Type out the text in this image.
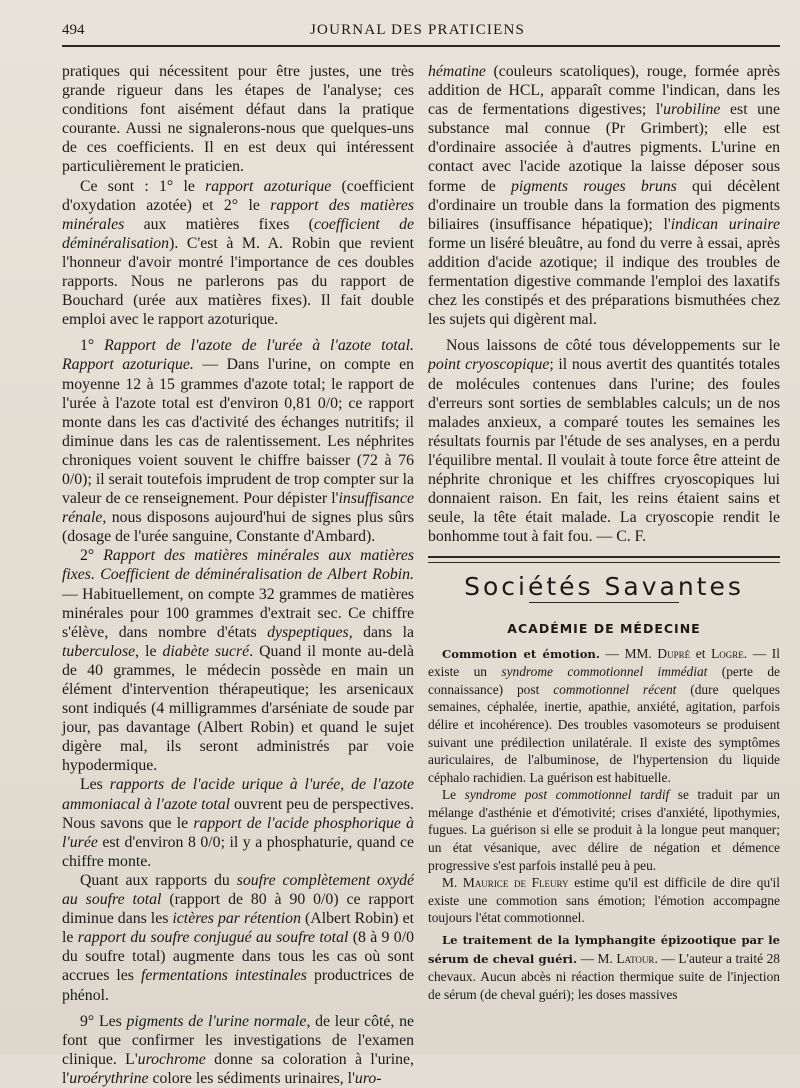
494	JOURNAL DES PRATICIENS

pratiques qui nécessitent pour être justes, une très grande rigueur dans les étapes de l'analyse; ces conditions font aisément défaut dans la pratique courante. Aussi ne signalerons-nous que quelques-uns de ces coefficients. Il en est deux qui intéressent particulièrement le praticien.

Ce sont : 1° le rapport azoturique (coefficient d'oxydation azotée) et 2° le rapport des matières minérales aux matières fixes (coefficient de déminéralisation). C'est à M. A. Robin que revient l'honneur d'avoir montré l'importance de ces doubles rapports. Nous ne parlerons pas du rapport de Bouchard (urée aux matières fixes). Il fait double emploi avec le rapport azoturique.

1° Rapport de l'azote de l'urée à l'azote total. Rapport azoturique. — Dans l'urine, on compte en moyenne 12 à 15 grammes d'azote total; le rapport de l'urée à l'azote total est d'environ 0,81 0/0; ce rapport monte dans les cas d'activité des échanges nutritifs; il diminue dans les cas de ralentissement. Les néphrites chroniques voient souvent le chiffre baisser (72 à 76 0/0); il serait toutefois imprudent de trop compter sur la valeur de ce renseignement. Pour dépister l'insuffisance rénale, nous disposons aujourd'hui de signes plus sûrs (dosage de l'urée sanguine, Constante d'Ambard).

2° Rapport des matières minérales aux matières fixes. Coefficient de déminéralisation de Albert Robin. — Habituellement, on compte 32 grammes de matières minérales pour 100 grammes d'extrait sec. Ce chiffre s'élève, dans nombre d'états dyspeptiques, dans la tuberculose, le diabète sucré. Quand il monte au-delà de 40 grammes, le médecin possède en main un élément d'intervention thérapeutique; les arsenicaux sont indiqués (4 milligrammes d'arséniate de soude par jour, pas davantage (Albert Robin) et quand le sujet digère mal, ils seront administrés par voie hypodermique.

Les rapports de l'acide urique à l'urée, de l'azote ammoniacal à l'azote total ouvrent peu de perspectives. Nous savons que le rapport de l'acide phosphorique à l'urée est d'environ 8 0/0; il y a phosphaturie, quand ce chiffre monte.

Quant aux rapports du soufre complètement oxydé au soufre total (rapport de 80 à 90 0/0) ce rapport diminue dans les ictères par rétention (Albert Robin) et le rapport du soufre conjugué au soufre total (8 à 9 0/0 du soufre total) augmente dans tous les cas où sont accrues les fermentations intestinales productrices de phénol.

9° Les pigments de l'urine normale, de leur côté, ne font que confirmer les investigations de l'examen clinique. L'urochrome donne sa coloration à l'urine, l'uroérythrine colore les sédiments urinaires, l'uro-

hématine (couleurs scatoliques), rouge, formée après addition de HCL, apparaît comme l'indican, dans les cas de fermentations digestives; l'urobiline est une substance mal connue (Pr Grimbert); elle est d'ordinaire associée à d'autres pigments. L'urine en contact avec l'acide azotique la laisse déposer sous forme de pigments rouges bruns qui décèlent d'ordinaire un trouble dans la formation des pigments biliaires (insuffisance hépatique); l'indican urinaire forme un liséré bleuâtre, au fond du verre à essai, après addition d'acide azotique; il indique des troubles de fermentation digestive commande l'emploi des laxatifs chez les constipés et des préparations bismuthées chez les sujets qui digèrent mal.

Nous laissons de côté tous développements sur le point cryoscopique; il nous avertit des quantités totales de molécules contenues dans l'urine; des foules d'erreurs sont sorties de semblables calculs; un de nos malades anxieux, a comparé toutes les semaines les résultats fournis par l'étude de ses analyses, en a perdu l'équilibre mental. Il voulait à toute force être atteint de néphrite chronique et les chiffres cryoscopiques lui donnaient raison. En fait, les reins étaient sains et seule, la tête était malade. La cryoscopie rendit le bonhomme tout à fait fou. — C. F.

Sociétés Savantes
ACADÉMIE DE MÉDECINE

Commotion et émotion. — MM. Dupré et Logre. — Il existe un syndrome commotionnel immédiat (perte de connaissance) post commotionnel récent (dure quelques semaines, céphalée, inertie, apathie, anxiété, agitation, parfois délire et incohérence). Des troubles vasomoteurs se produisent suivant une prédilection unilatérale. Il existe des symptômes auriculaires, de l'albuminose, de l'hypertension du liquide céphalo rachidien. La guérison est habituelle.

Le syndrome post commotionnel tardif se traduit par un mélange d'asthénie et d'émotivité; crises d'anxiété, lipothymies, fugues. La guérison si elle se produit à la longue peut manquer; un état vésanique, avec délire de négation et démence progressive s'est parfois installé peu à peu.

M. Maurice de Fleury estime qu'il est difficile de dire qu'il existe une commotion sans émotion; l'émotion accompagne toujours l'état commotionnel.

Le traitement de la lymphangite épizootique par le sérum de cheval guéri. — M. Latour. — L'auteur a traité 28 chevaux. Aucun abcès ni réaction thermique suite de l'injection de sérum (de cheval guéri); les doses massives
